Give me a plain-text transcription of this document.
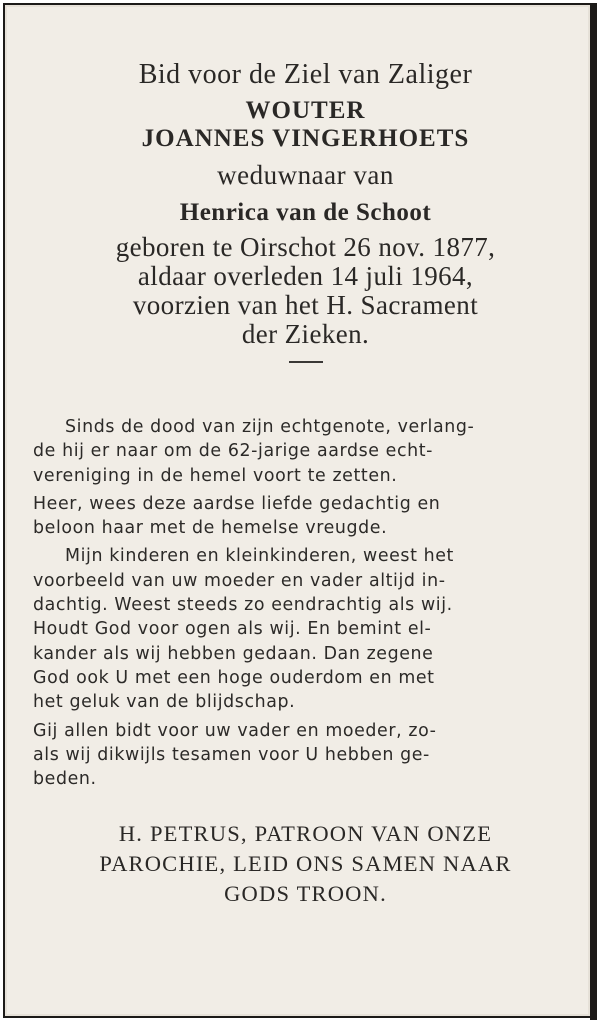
Bid voor de Ziel van Zaliger

WOUTER

JOANNES VINGERHOETS

weduwnaar van

Henrica van de Schoot

geboren te Oirschot 26 nov. 1877,
aldaar overleden 14 juli 1964,
voorzien van het H. Sacrament
der Zieken.
Sinds de dood van zijn echtgenote, verlang-
de hij er naar om de 62-jarige aardse echt-
vereniging in de hemel voort te zetten.
Heer, wees deze aardse liefde gedachtig en
beloon haar met de hemelse vreugde.
Mijn kinderen en kleinkinderen, weest het
voorbeeld van uw moeder en vader altijd in-
dachtig. Weest steeds zo eendrachtig als wij.
Houdt God voor ogen als wij. En bemint el-
kander als wij hebben gedaan. Dan zegene
God ook U met een hoge ouderdom en met
het geluk van de blijdschap.
Gij allen bidt voor uw vader en moeder, zo-
als wij dikwijls tesamen voor U hebben ge-
beden.
H. PETRUS, PATROON VAN ONZE
PAROCHIE, LEID ONS SAMEN NAAR
GODS TROON.
